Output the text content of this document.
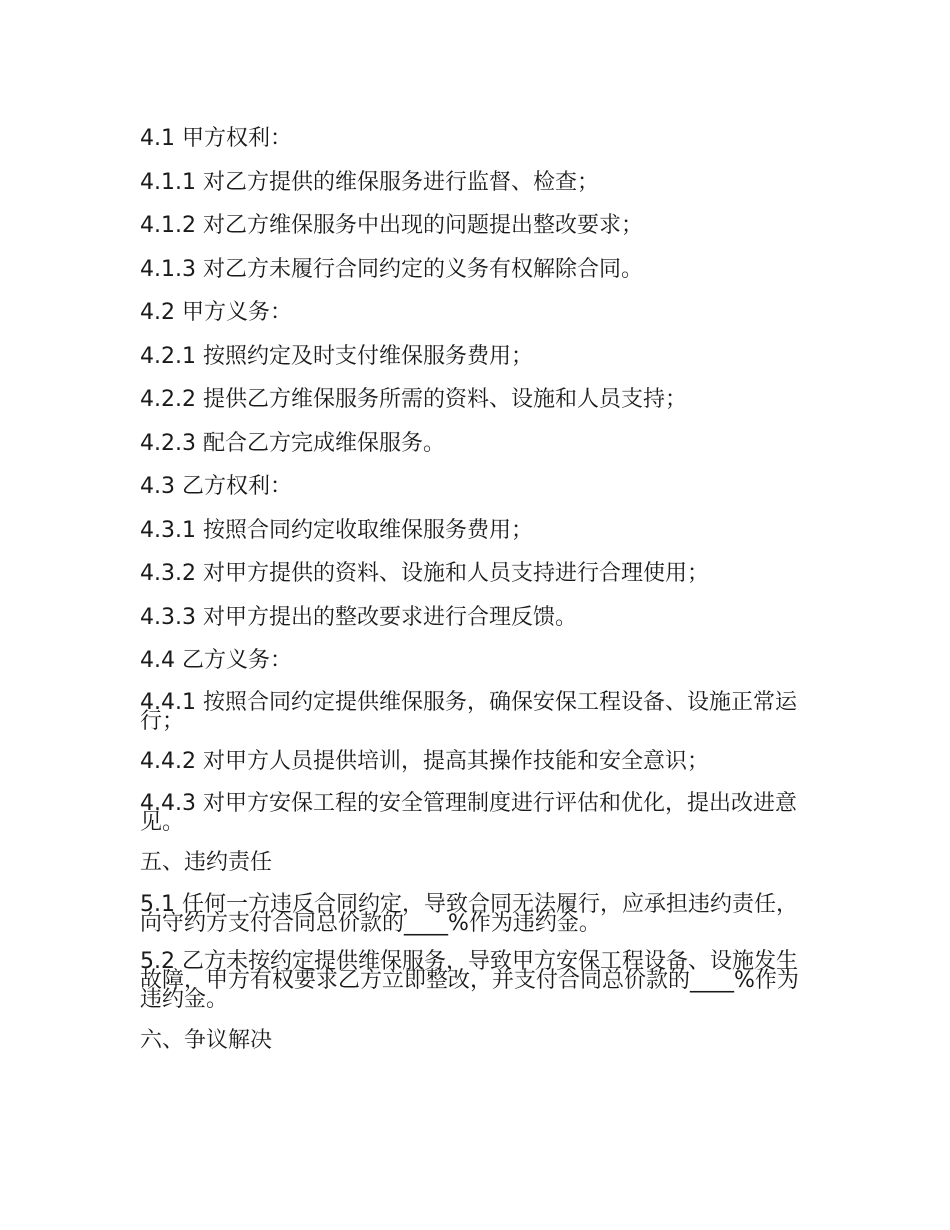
4.1 甲方权利：

4.1.1 对乙方提供的维保服务进行监督、检查；

4.1.2 对乙方维保服务中出现的问题提出整改要求；

4.1.3 对乙方未履行合同约定的义务有权解除合同。

4.2 甲方义务：

4.2.1 按照约定及时支付维保服务费用；

4.2.2 提供乙方维保服务所需的资料、设施和人员支持；

4.2.3 配合乙方完成维保服务。

4.3 乙方权利：

4.3.1 按照合同约定收取维保服务费用；

4.3.2 对甲方提供的资料、设施和人员支持进行合理使用；

4.3.3 对甲方提出的整改要求进行合理反馈。

4.4 乙方义务：

4.4.1 按照合同约定提供维保服务，确保安保工程设备、设施正常运行；

4.4.2 对甲方人员提供培训，提高其操作技能和安全意识；

4.4.3 对甲方安保工程的安全管理制度进行评估和优化，提出改进意见。

五、违约责任

5.1 任何一方违反合同约定，导致合同无法履行，应承担违约责任，向守约方支付合同总价款的____%作为违约金。

5.2 乙方未按约定提供维保服务，导致甲方安保工程设备、设施发生故障，甲方有权要求乙方立即整改，并支付合同总价款的____%作为违约金。

六、争议解决
